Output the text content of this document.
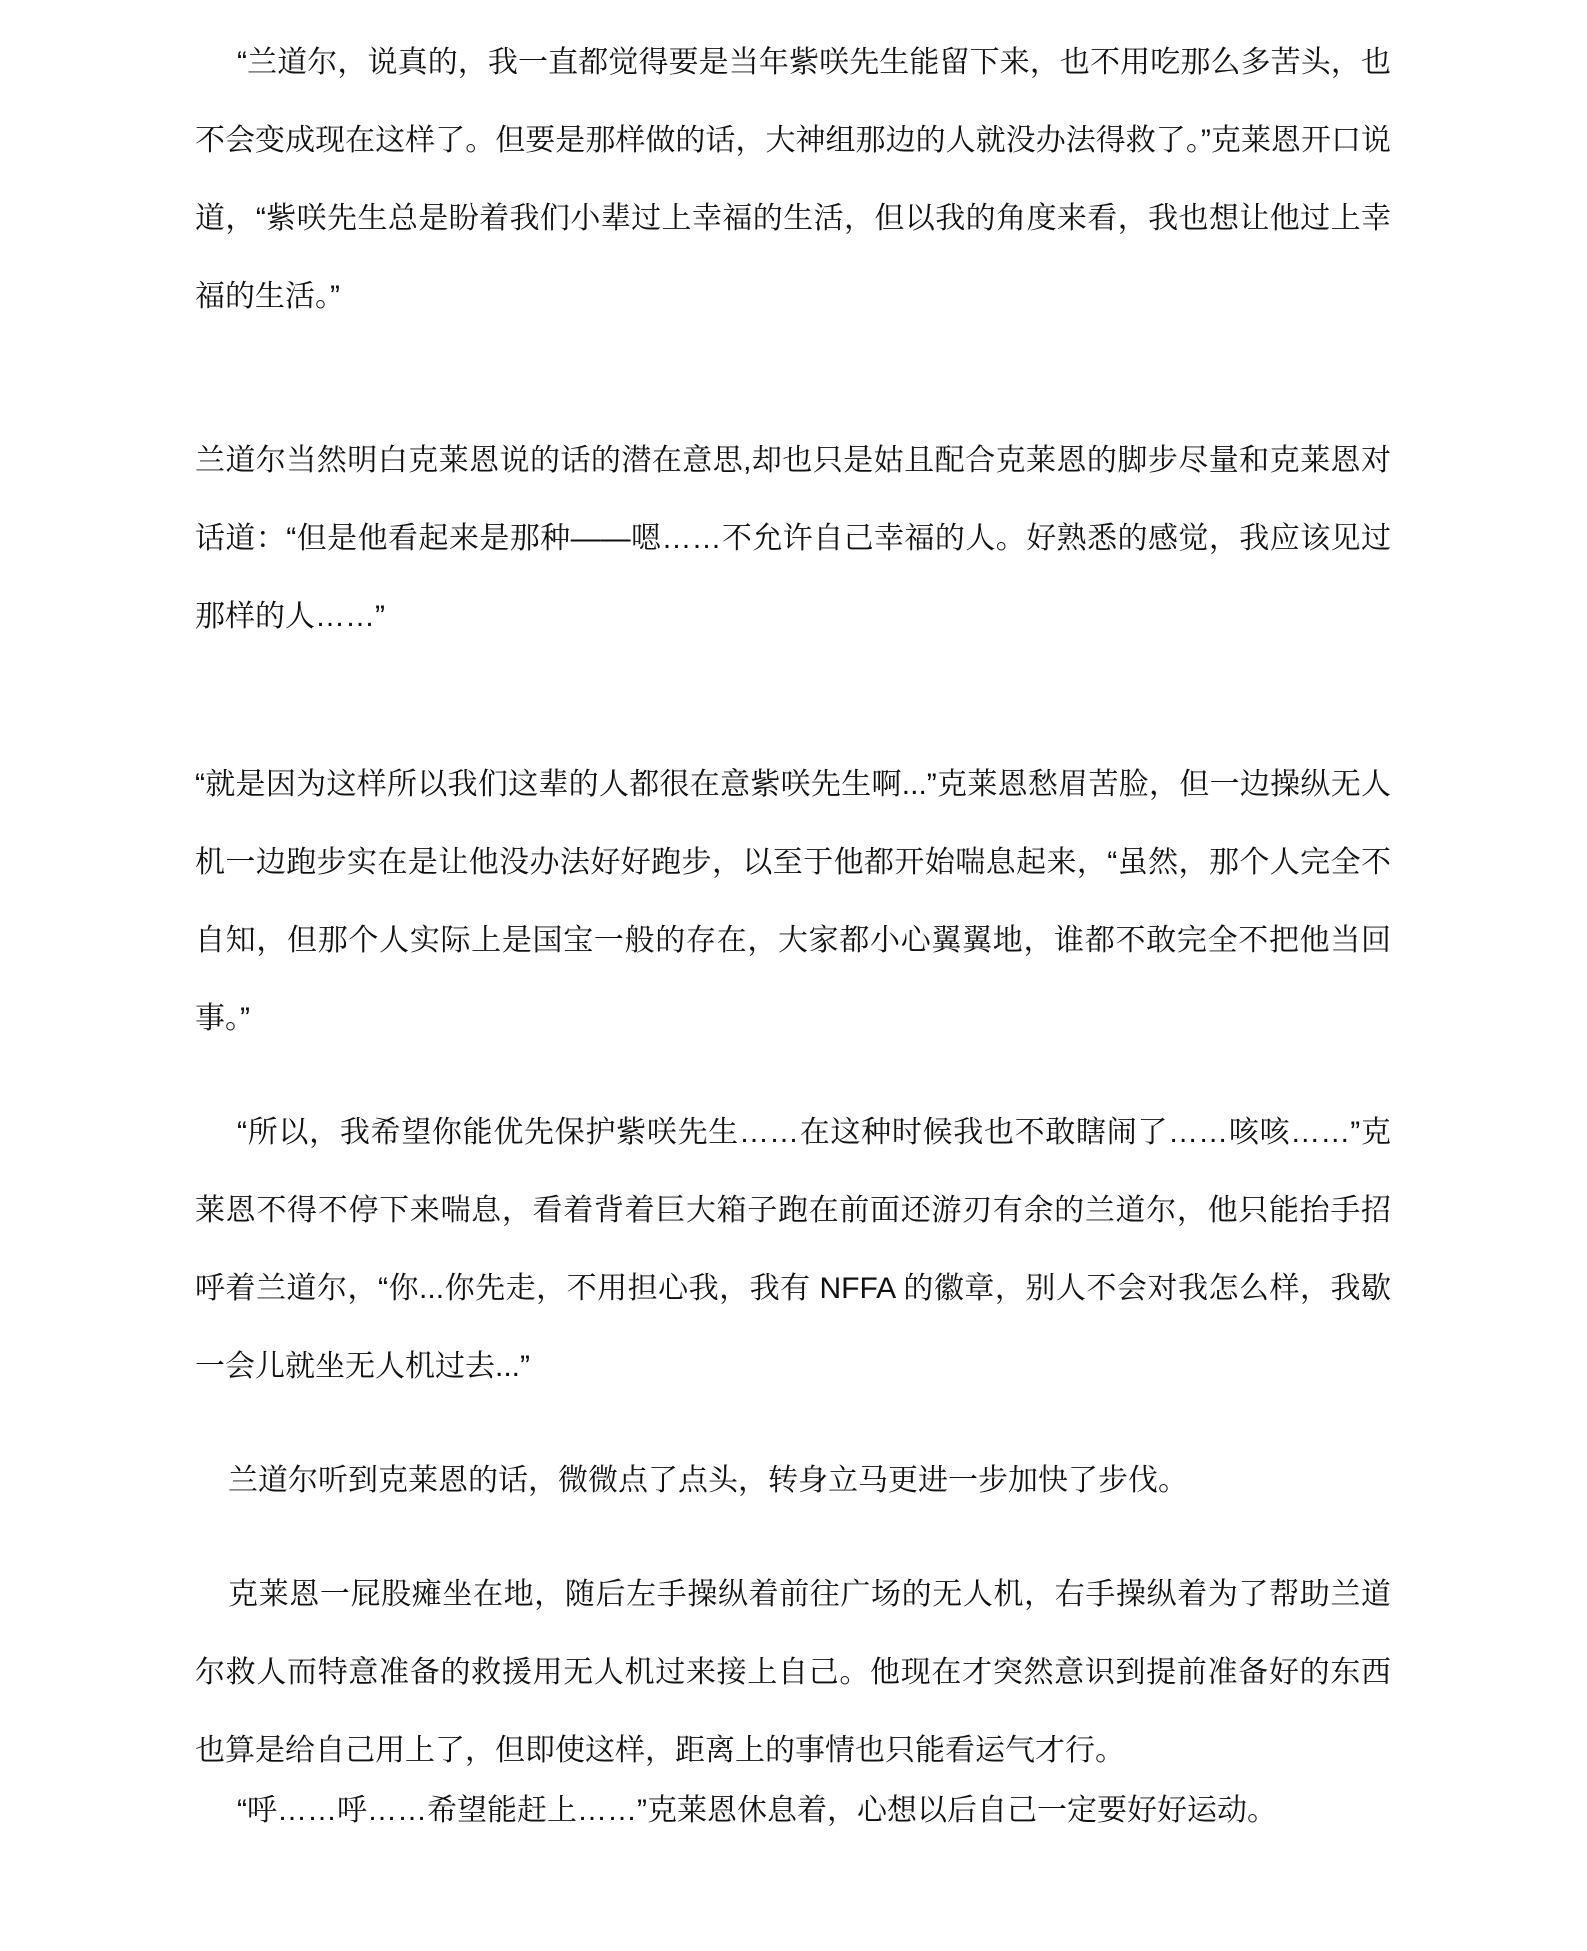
“兰道尔，说真的，我一直都觉得要是当年紫咲先生能留下来，也不用吃那么多苦头，也不会变成现在这样了。但要是那样做的话，大神组那边的人就没办法得救了。”克莱恩开口说道，“紫咲先生总是盼着我们小辈过上幸福的生活，但以我的角度来看，我也想让他过上幸福的生活。”

兰道尔当然明白克莱恩说的话的潜在意思,却也只是姑且配合克莱恩的脚步尽量和克莱恩对话道：“但是他看起来是那种——嗯……不允许自己幸福的人。好熟悉的感觉，我应该见过那样的人……”

“就是因为这样所以我们这辈的人都很在意紫咲先生啊...”克莱恩愁眉苦脸，但一边操纵无人机一边跑步实在是让他没办法好好跑步，以至于他都开始喘息起来，“虽然，那个人完全不自知，但那个人实际上是国宝一般的存在，大家都小心翼翼地，谁都不敢完全不把他当回事。”

“所以，我希望你能优先保护紫咲先生……在这种时候我也不敢瞎闹了……咳咳……”克莱恩不得不停下来喘息，看着背着巨大箱子跑在前面还游刃有余的兰道尔，他只能抬手招呼着兰道尔，“你...你先走，不用担心我，我有 NFFA 的徽章，别人不会对我怎么样，我歇一会儿就坐无人机过去...”

兰道尔听到克莱恩的话，微微点了点头，转身立马更进一步加快了步伐。

克莱恩一屁股瘫坐在地，随后左手操纵着前往广场的无人机，右手操纵着为了帮助兰道尔救人而特意准备的救援用无人机过来接上自己。他现在才突然意识到提前准备好的东西也算是给自己用上了，但即使这样，距离上的事情也只能看运气才行。

“呼……呼……希望能赶上……”克莱恩休息着，心想以后自己一定要好好运动。
